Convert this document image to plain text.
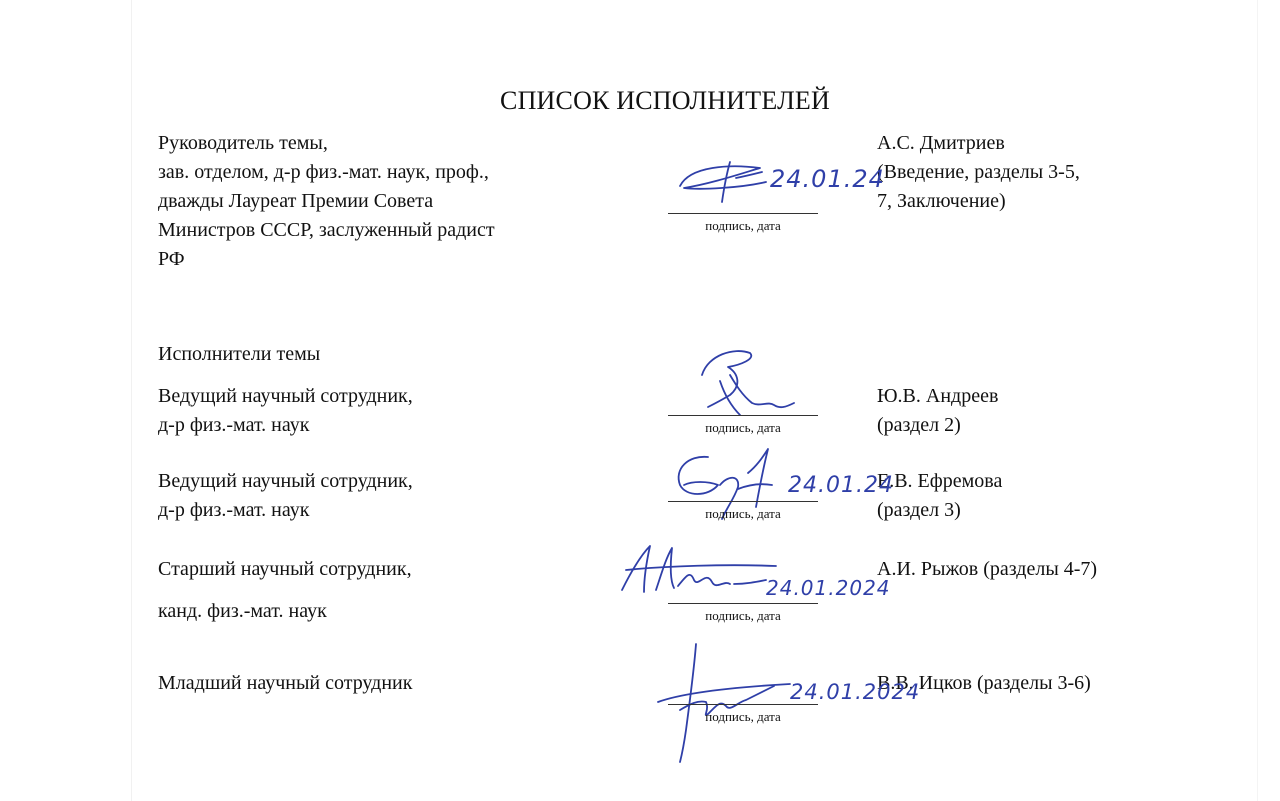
СПИСОК ИСПОЛНИТЕЛЕЙ
Руководитель темы,
зав. отделом, д-р физ.-мат. наук, проф.,
дважды Лауреат Премии Совета
Министров СССР, заслуженный радист
РФ
А.С. Дмитриев
(Введение, разделы 3-5,
7, Заключение)
24.01.24
подпись, дата
Исполнители темы
Ведущий научный сотрудник,
д-р физ.-мат. наук
Ю.В. Андреев
(раздел 2)
подпись, дата
Ведущий научный сотрудник,
д-р физ.-мат. наук
Е.В. Ефремова
(раздел 3)
24.01.24
подпись, дата
Старший научный сотрудник,
канд. физ.-мат. наук
А.И. Рыжов (разделы 4-7)
24.01.2024
подпись, дата
Младший научный сотрудник	В.В. Ицков (разделы 3-6)
24.01.2024
подпись, дата
